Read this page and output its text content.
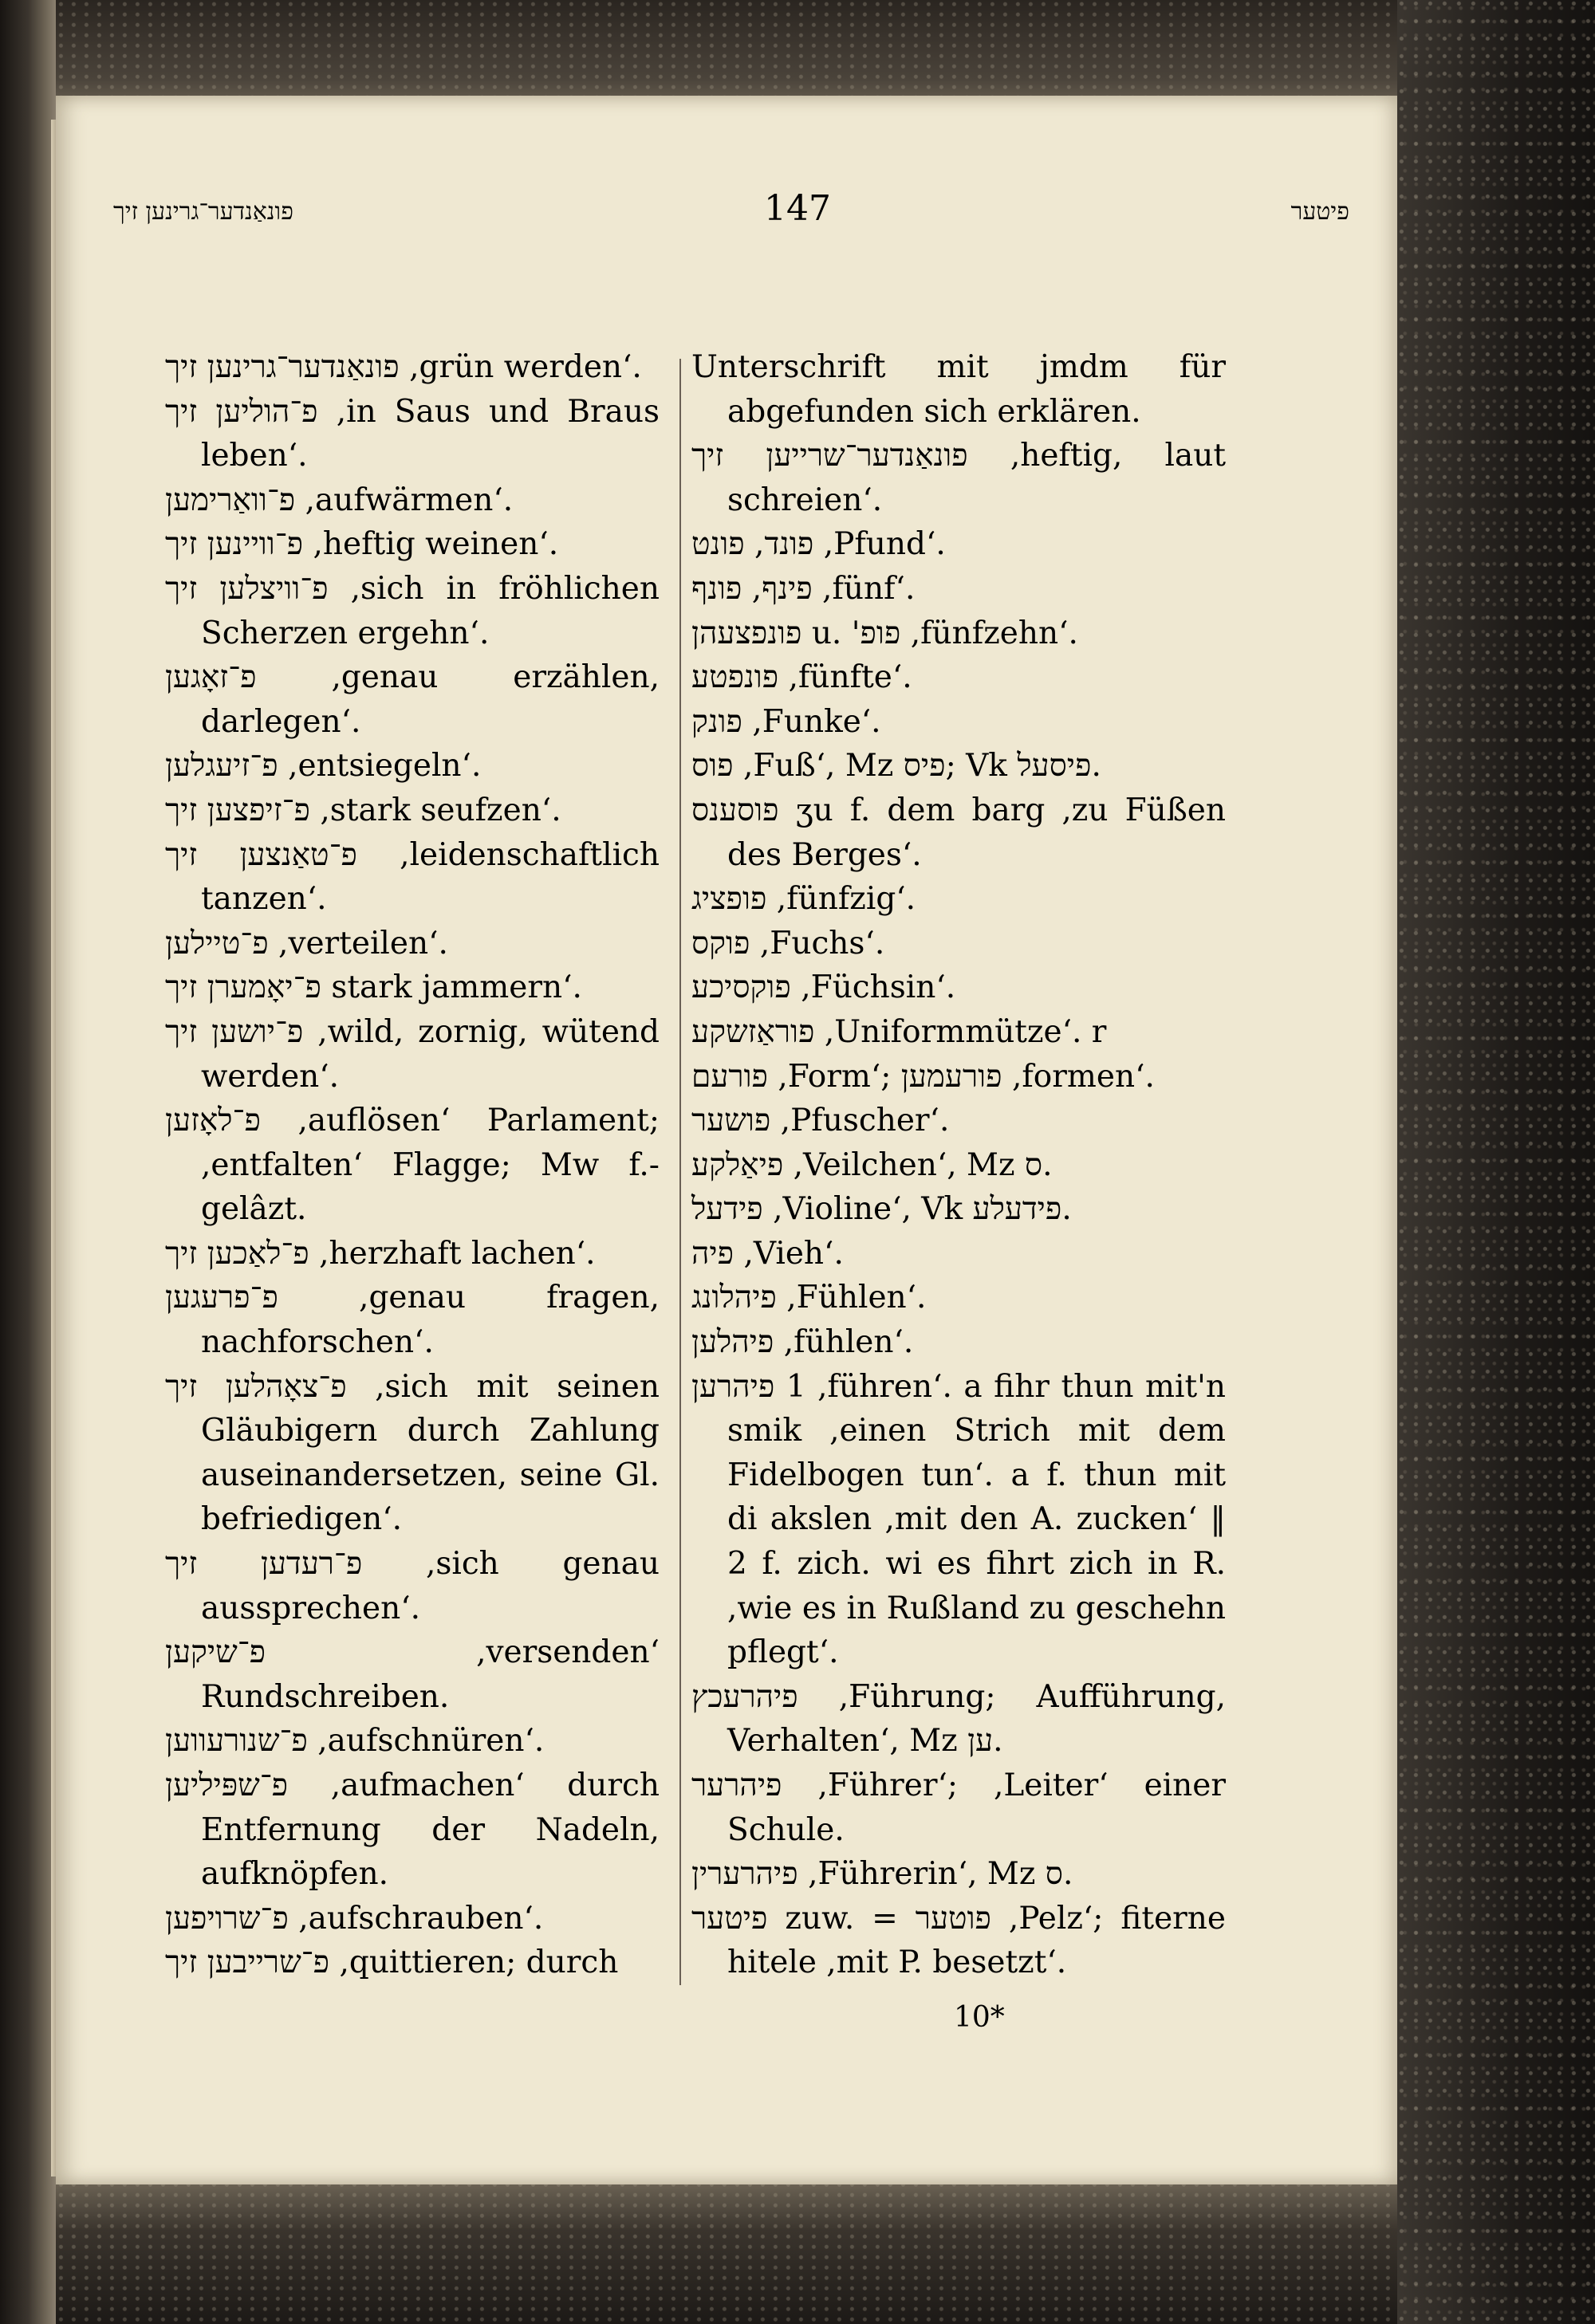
פונאַנדער־גרינען זיך	147	פיטער

פונאַנדער־גרינען זיך ,grün werden‘.

פ־הוליען זיך ,in Saus und Braus leben‘.

פ־וואַרימען ,aufwärmen‘.

פ־וויינען זיך ,heftig weinen‘.

פ־וויצלען זיך ,sich in fröhlichen Scherzen ergehn‘.

פ־זאָגען ,genau erzählen, darlegen‘.

פ־זיעגלען ,entsiegeln‘.

פ־זיפצען זיך ,stark seufzen‘.

פ־טאַנצען זיך ,leidenschaftlich tanzen‘.

פ־טיילען ,verteilen‘.

פ־יאָמערן זיך stark jammern‘.

פ־יושען זיך ,wild, zornig, wütend werden‘.

פ־לאָזען ,auflösen‘ Parlament; ,entfalten‘ Flagge; Mw f.-gelâzt.

פ־לאַכען זיך ,herzhaft lachen‘.

פ־פרעגען	,genau fragen, nachforschen‘.

פ־צאָהלען זיך ,sich mit seinen Gläubigern durch Zahlung auseinandersetzen, seine Gl. befriedigen‘.

פ־רעדען זיך ,sich genau aussprechen‘.

פ־שיקען	,versenden‘ Rundschreiben.

פ־שנורעווען ,aufschnüren‘.

פ־שפּיליען ,aufmachen‘ durch Entfernung der Nadeln, aufknöpfen.

פ־שרויפען ,aufschrauben‘.

פ־שרייבען זיך ,quittieren; durch

Unterschrift mit jmdm für abgefunden sich erklären.

פונאַנדער־שרייען זיך ,heftig, laut schreien‘.

פונד, פונט ,Pfund‘.

פינף, פונף ,fünf‘.

פונפצעהן u. 'פופ ,fünfzehn‘.

פונפטע ,fünfte‘.

פונק ,Funke‘.

פוס ,Fuß‘, Mz פיס; Vk פיסעל.

פוסענס ʒu f. dem barg ,zu Füßen des Berges‘.

פופציג ,fünfzig‘.

פוקס ,Fuchs‘.

פוקסיכע ,Füchsin‘.

פוראַזשקע ,Uniformmütze‘. r

פורעם ,Form‘; פורעמען ,formen‘.

פושער ,Pfuscher‘.

פיאַלקע ,Veilchen‘, Mz ס.

פידעל ,Violine‘, Vk פידעלע.

פיה ,Vieh‘.

פיהלונג ,Fühlen‘.

פיהלען ,fühlen‘.

פיהרען 1 ,führen‘. a fihr thun mit'n smik ,einen Strich mit dem Fidelbogen tun‘. a f. thun mit di akslen ,mit den A. zucken‘ ‖ 2 f. zich. wi es fihrt zich in R. ,wie es in Rußland zu geschehn pflegt‘.

פיהרעכץ ,Führung; Aufführung, Verhalten‘, Mz ען.

פיהרער ,Führer‘; ,Leiter‘ einer Schule.

פיהרערין ,Führerin‘, Mz ס.

פיטער zuw. = פוטער ,Pelz‘; fiterne hitele ,mit P. besetzt‘.

10*
